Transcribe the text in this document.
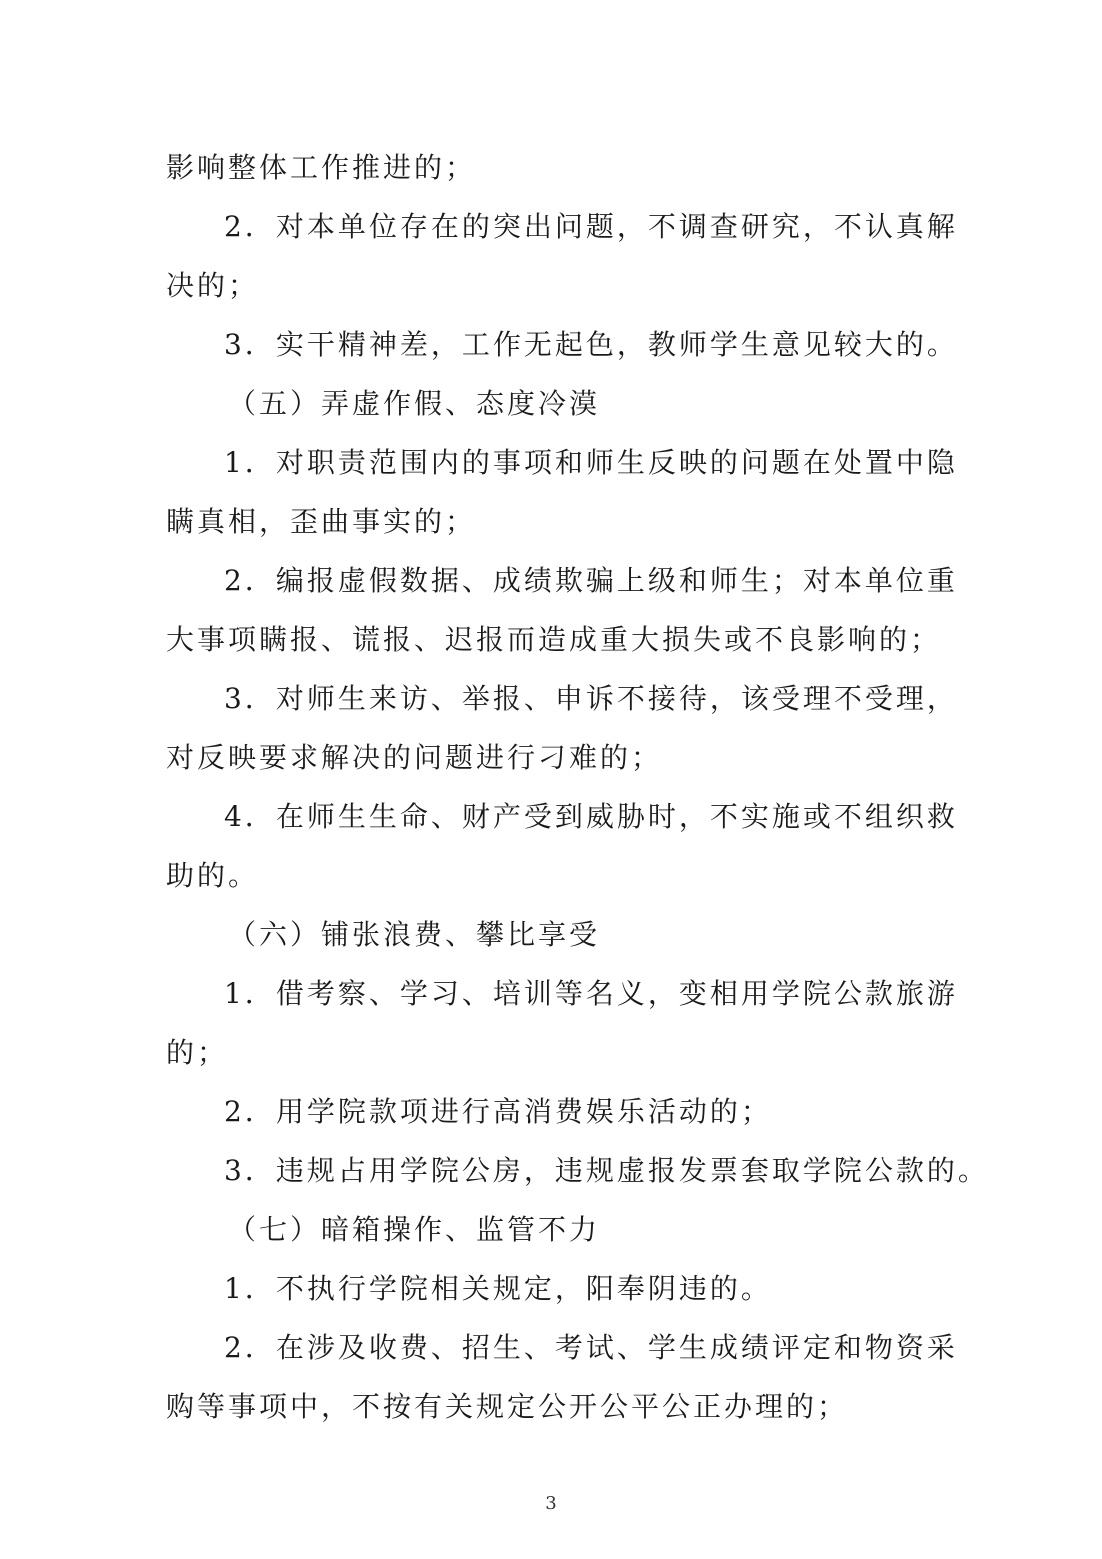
影响整体工作推进的；
2．对本单位存在的突出问题，不调查研究，不认真解
决的；
3．实干精神差，工作无起色，教师学生意见较大的。
（五）弄虚作假、态度冷漠
1．对职责范围内的事项和师生反映的问题在处置中隐
瞒真相，歪曲事实的；
2．编报虚假数据、成绩欺骗上级和师生；对本单位重
大事项瞒报、谎报、迟报而造成重大损失或不良影响的；
3．对师生来访、举报、申诉不接待，该受理不受理，
对反映要求解决的问题进行刁难的；
4．在师生生命、财产受到威胁时，不实施或不组织救
助的。
（六）铺张浪费、攀比享受
1．借考察、学习、培训等名义，变相用学院公款旅游
的；
2．用学院款项进行高消费娱乐活动的；
3．违规占用学院公房，违规虚报发票套取学院公款的。
（七）暗箱操作、监管不力
1．不执行学院相关规定，阳奉阴违的。
2．在涉及收费、招生、考试、学生成绩评定和物资采
购等事项中，不按有关规定公开公平公正办理的；
3
